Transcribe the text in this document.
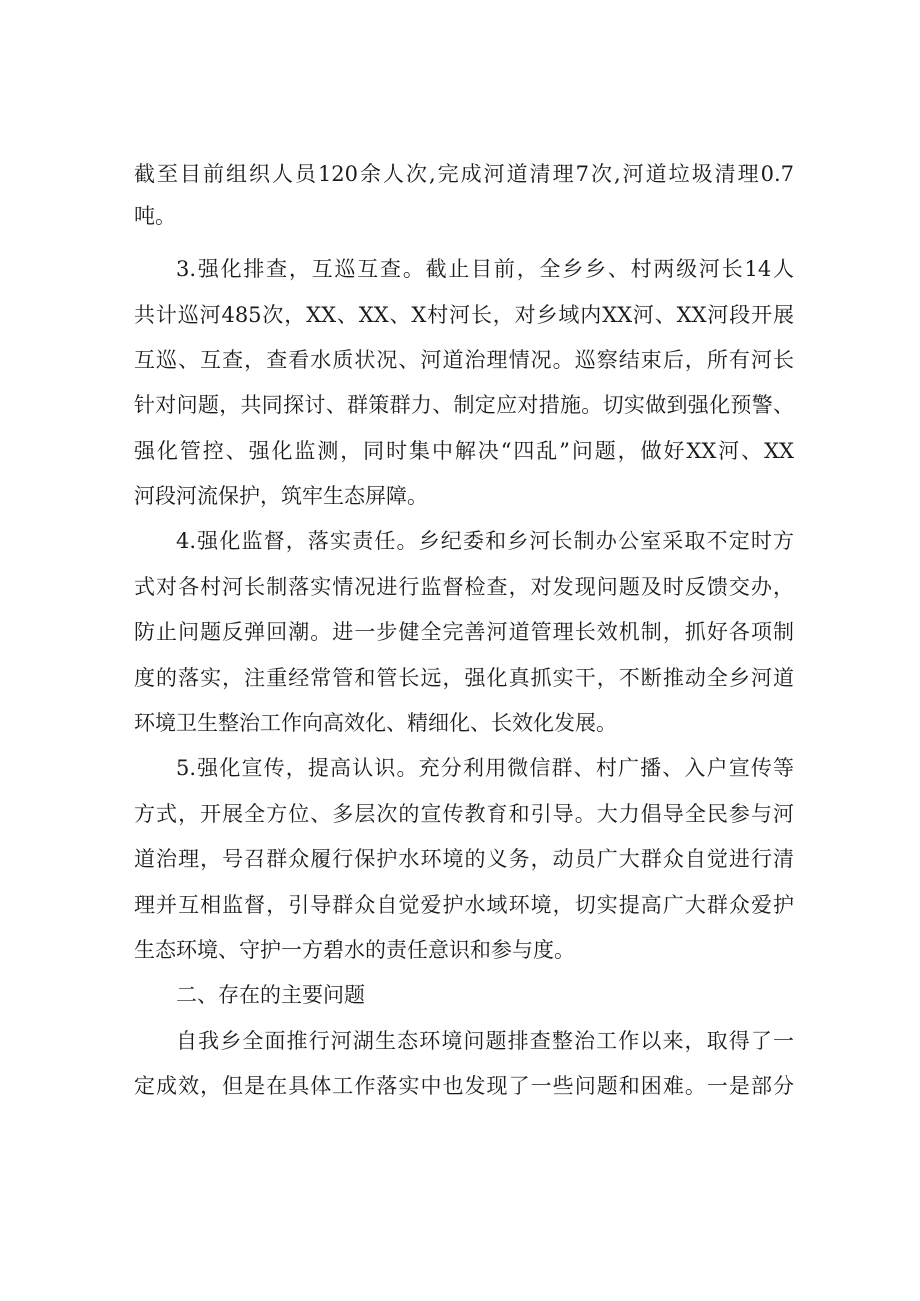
截至目前组织人员120余人次,完成河道清理7次,河道垃圾清理0.7
吨。
3.强化排查，互巡互查。截止目前，全乡乡、村两级河长14人
共计巡河485次，XX、XX、X村河长，对乡域内XX河、XX河段开展
互巡、互查，查看水质状况、河道治理情况。巡察结束后，所有河长
针对问题，共同探讨、群策群力、制定应对措施。切实做到强化预警、
强化管控、强化监测，同时集中解决“四乱”问题，做好XX河、XX
河段河流保护，筑牢生态屏障。
4.强化监督，落实责任。乡纪委和乡河长制办公室采取不定时方
式对各村河长制落实情况进行监督检查，对发现问题及时反馈交办，
防止问题反弹回潮。进一步健全完善河道管理长效机制，抓好各项制
度的落实，注重经常管和管长远，强化真抓实干，不断推动全乡河道
环境卫生整治工作向高效化、精细化、长效化发展。
5.强化宣传，提高认识。充分利用微信群、村广播、入户宣传等
方式，开展全方位、多层次的宣传教育和引导。大力倡导全民参与河
道治理，号召群众履行保护水环境的义务，动员广大群众自觉进行清
理并互相监督，引导群众自觉爱护水域环境，切实提高广大群众爱护
生态环境、守护一方碧水的责任意识和参与度。
二、存在的主要问题
自我乡全面推行河湖生态环境问题排查整治工作以来，取得了一
定成效，但是在具体工作落实中也发现了一些问题和困难。一是部分
